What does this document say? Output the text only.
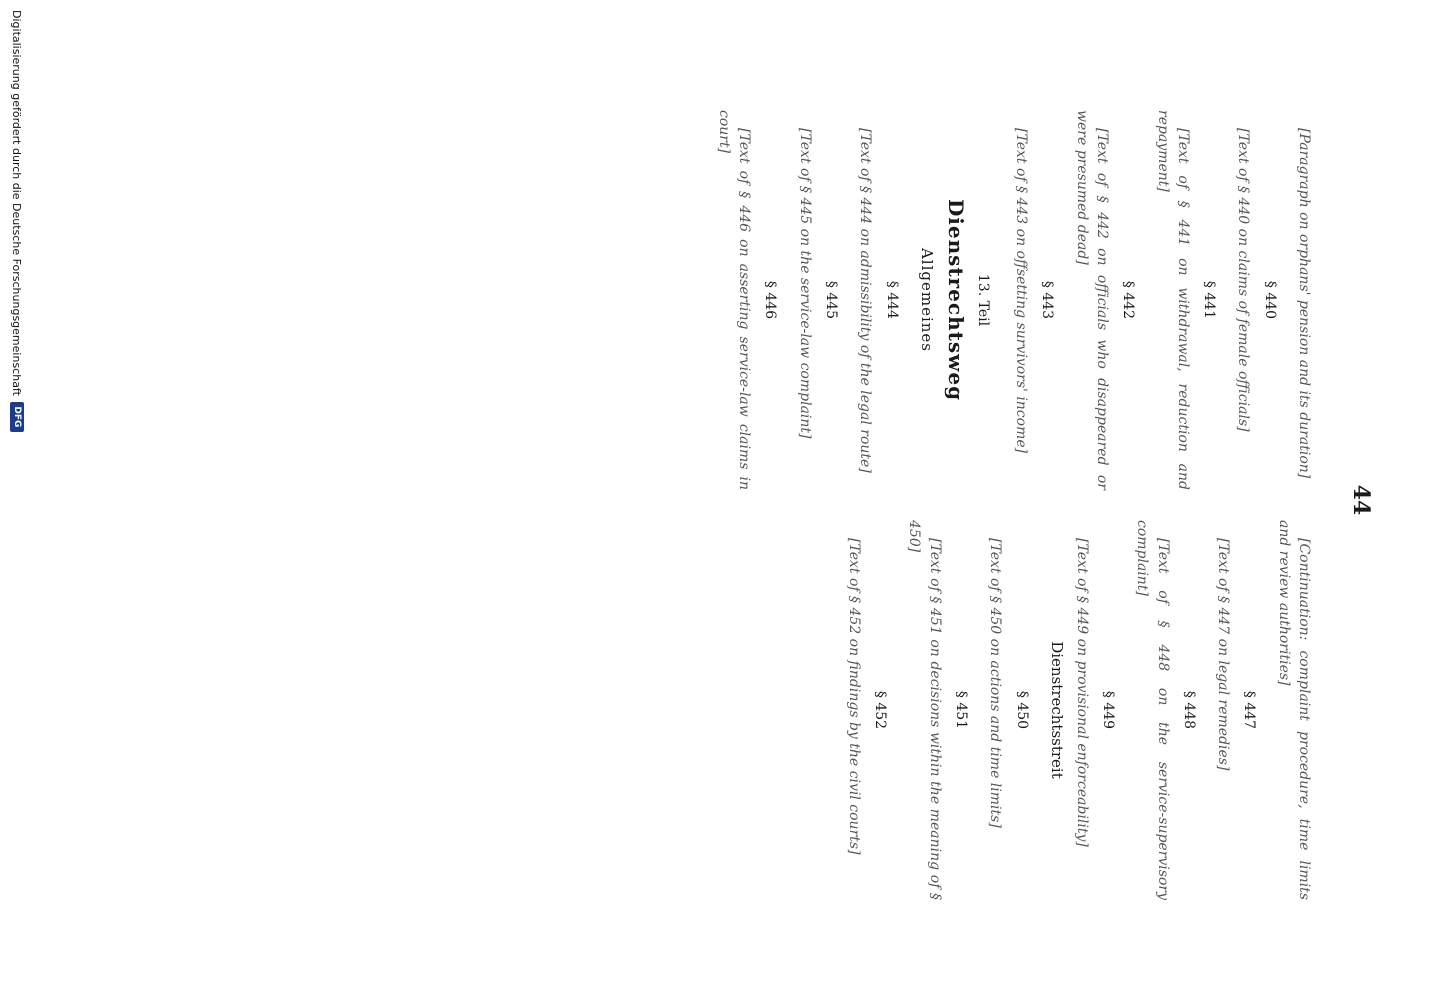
44

[Paragraph on orphans' pension and its duration]

§ 440

[Text of § 440 on claims of female officials]

§ 441

[Text of § 441 on withdrawal, reduction and repayment]

§ 442

[Text of § 442 on officials who disappeared or were presumed dead]

§ 443

[Text of § 443 on offsetting survivors' income]

13. Teil
Dienstrechtsweg
Allgemeines
§ 444

[Text of § 444 on admissibility of the legal route]

§ 445

[Text of § 445 on the service-law complaint]

§ 446

[Text of § 446 on asserting service-law claims in court]

[Continuation: complaint procedure, time limits and review authorities]

§ 447

[Text of § 447 on legal remedies]

§ 448

[Text of § 448 on the service-supervisory complaint]

§ 449

[Text of § 449 on provisional enforceability]

Dienstrechtsstreit
§ 450

[Text of § 450 on actions and time limits]

§ 451

[Text of § 451 on decisions within the meaning of § 450]

§ 452

[Text of § 452 on findings by the civil courts]

Digitalisierung gefördert durch die Deutsche Forschungsgemeinschaft
DFG
